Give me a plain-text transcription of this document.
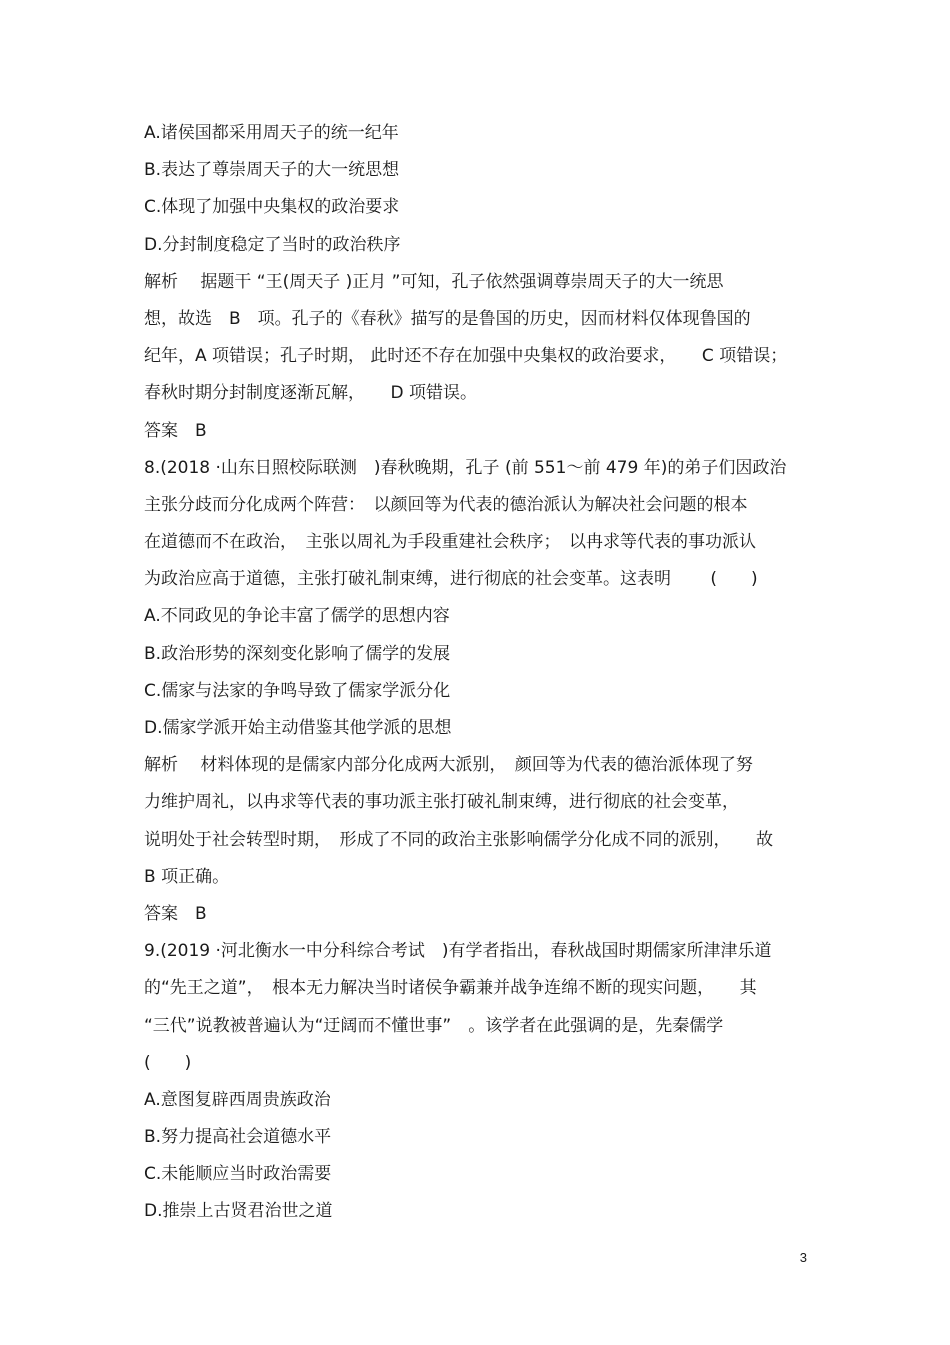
A.诸侯国都采用周天子的统一纪年
B.表达了尊崇周天子的大一统思想
C.体现了加强中央集权的政治要求
D.分封制度稳定了当时的政治秩序
解析　 据题干 “王(周天子 )正月 ”可知，孔子依然强调尊崇周天子的大一统思
想，故选　B　项。孔子的《春秋》描写的是鲁国的历史，因而材料仅体现鲁国的
纪年，A 项错误；孔子时期， 此时还不存在加强中央集权的政治要求，　　C 项错误；
春秋时期分封制度逐渐瓦解，　　D 项错误。
答案　B
8.(2018 ·山东日照校际联测　)春秋晚期，孔子 (前 551～前 479 年)的弟子们因政治
主张分歧而分化成两个阵营：　以颜回等为代表的德治派认为解决社会问题的根本
在道德而不在政治，　主张以周礼为手段重建社会秩序；　以冉求等代表的事功派认
为政治应高于道德，主张打破礼制束缚，进行彻底的社会变革。这表明　　 (　　)
A.不同政见的争论丰富了儒学的思想内容
B.政治形势的深刻变化影响了儒学的发展
C.儒家与法家的争鸣导致了儒家学派分化
D.儒家学派开始主动借鉴其他学派的思想
解析　 材料体现的是儒家内部分化成两大派别，　颜回等为代表的德治派体现了努
力维护周礼，以冉求等代表的事功派主张打破礼制束缚，进行彻底的社会变革，
说明处于社会转型时期，　形成了不同的政治主张影响儒学分化成不同的派别，　　故
B 项正确。
答案　B
9.(2019 ·河北衡水一中分科综合考试　)有学者指出，春秋战国时期儒家所津津乐道
的“先王之道”，　根本无力解决当时诸侯争霸兼并战争连绵不断的现实问题，　　其
“三代”说教被普遍认为“迂阔而不懂世事”　。该学者在此强调的是，先秦儒学
(　　)
A.意图复辟西周贵族政治
B.努力提高社会道德水平
C.未能顺应当时政治需要
D.推崇上古贤君治世之道
3
